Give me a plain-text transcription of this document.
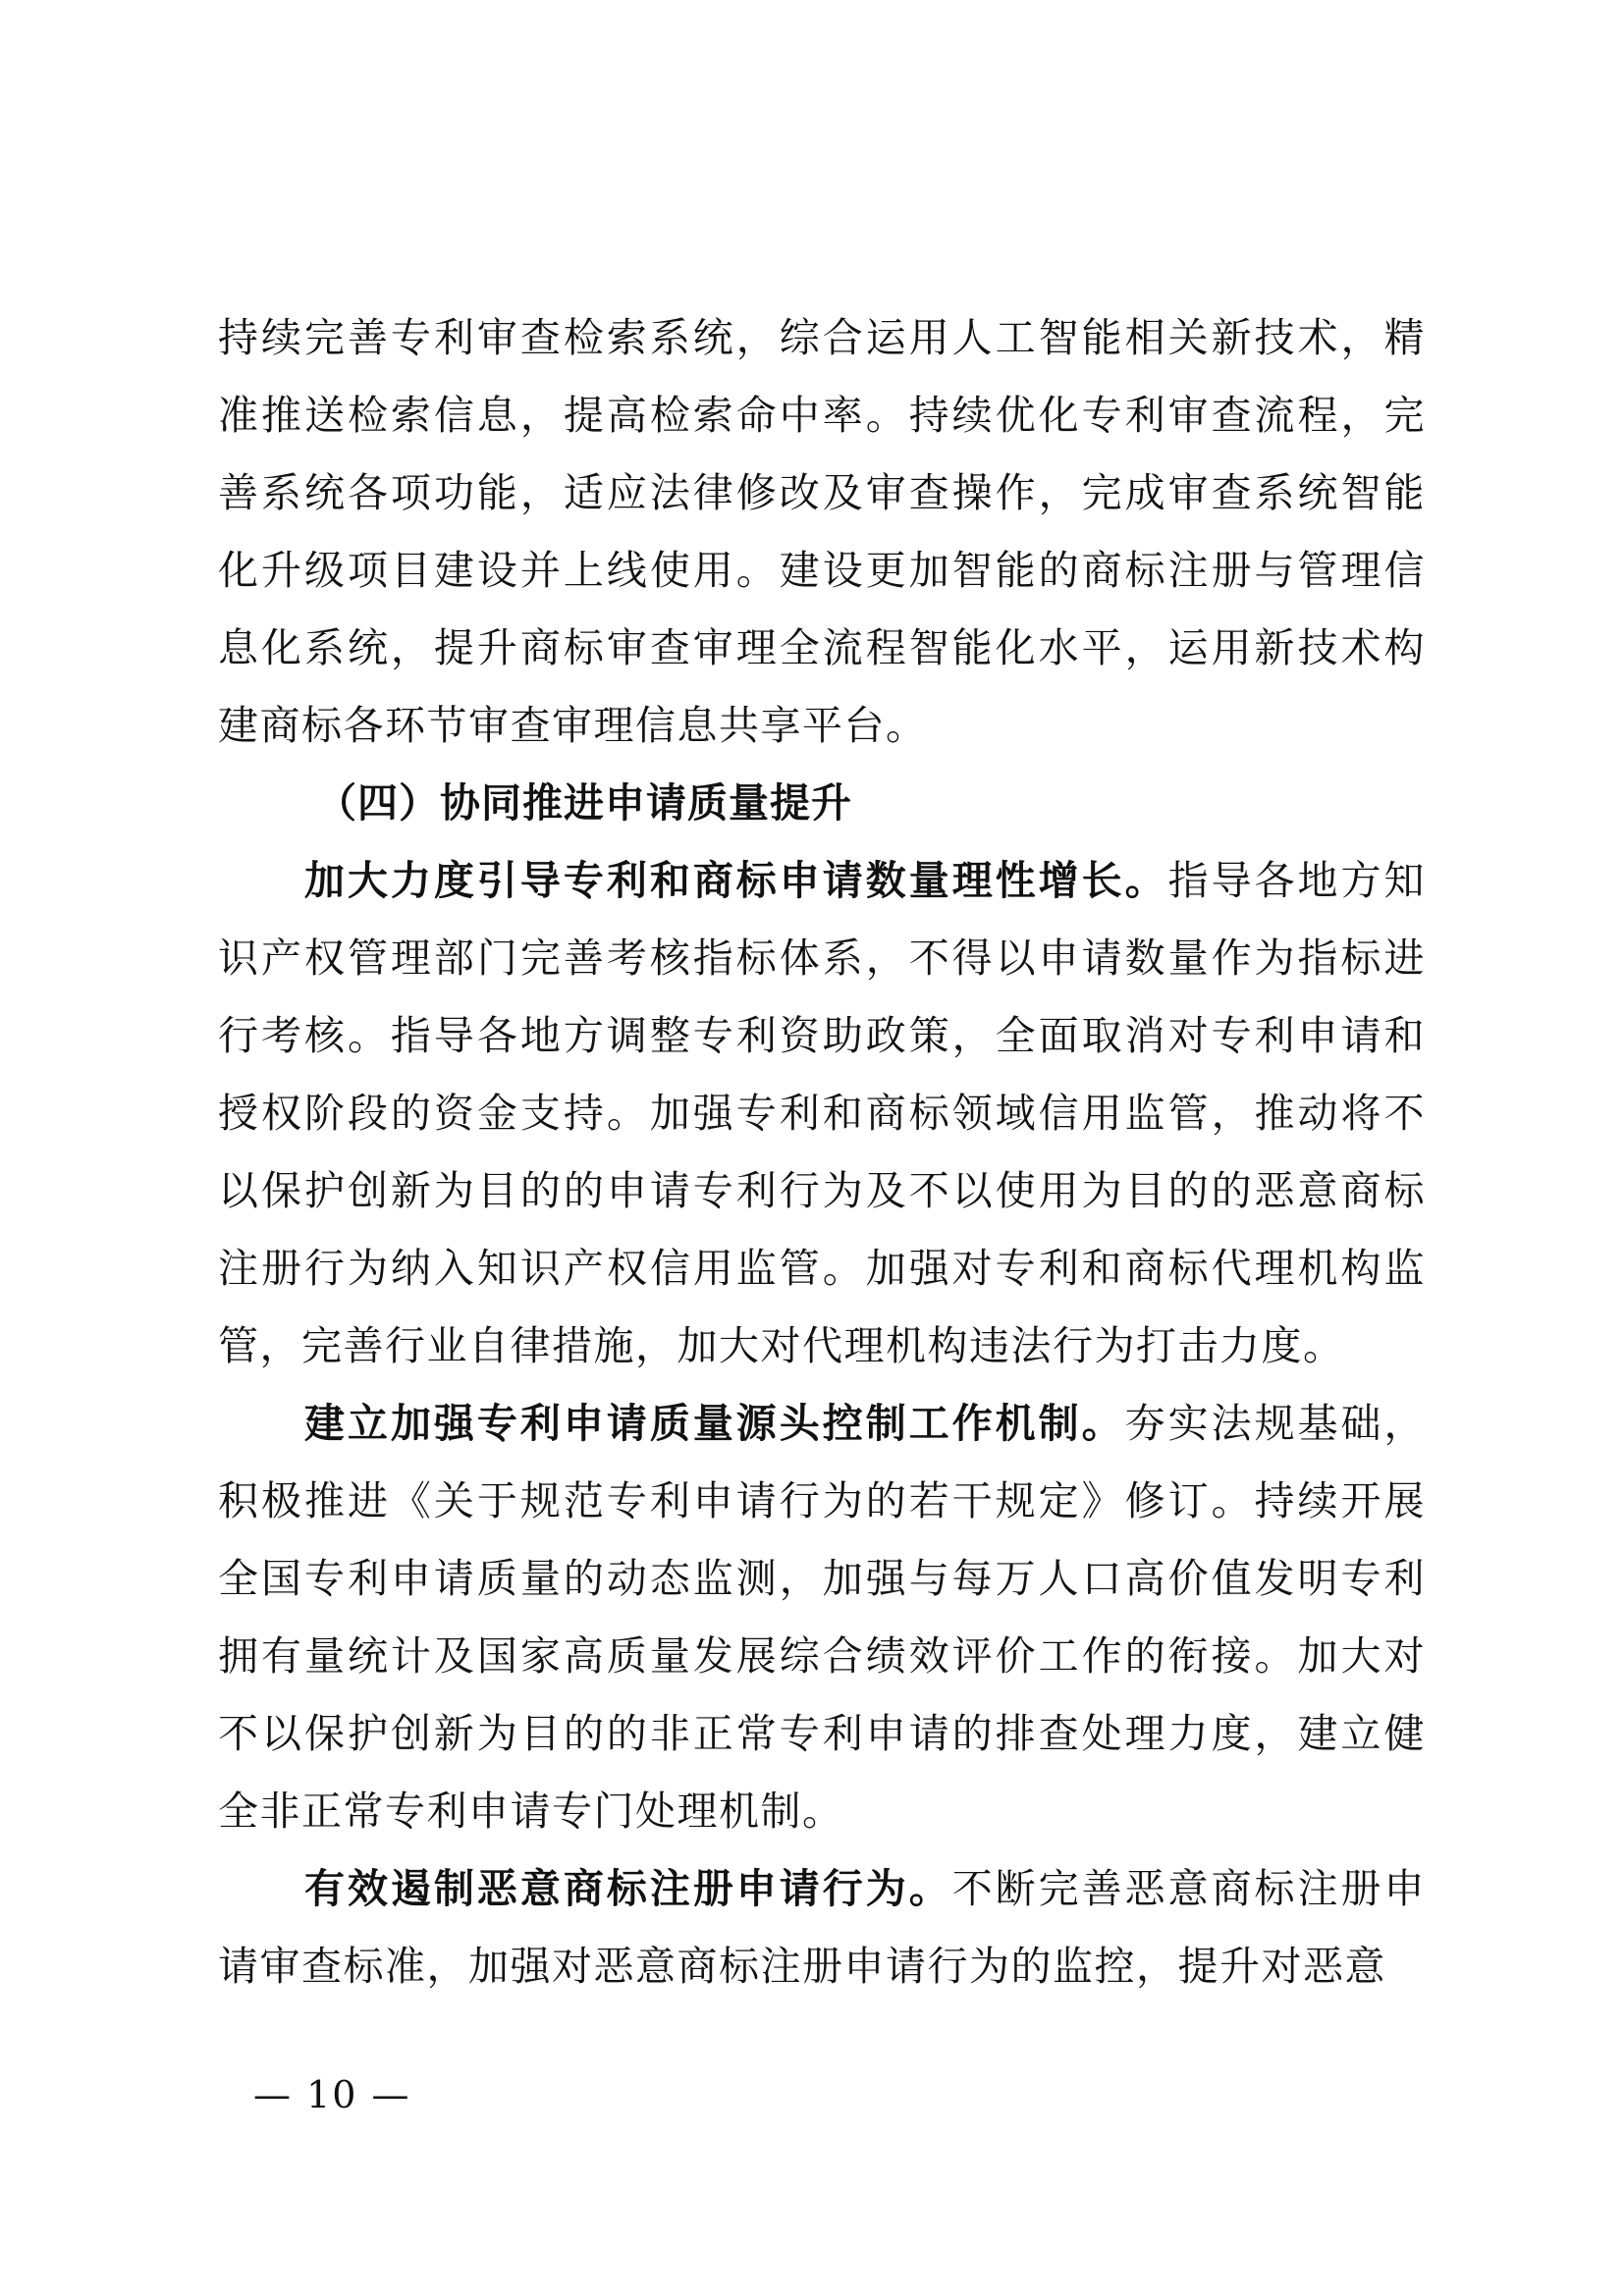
持续完善专利审查检索系统，综合运用人工智能相关新技术，精准推送检索信息，提高检索命中率。持续优化专利审查流程，完善系统各项功能，适应法律修改及审查操作，完成审查系统智能化升级项目建设并上线使用。建设更加智能的商标注册与管理信息化系统，提升商标审查审理全流程智能化水平，运用新技术构建商标各环节审查审理信息共享平台。

（四）协同推进申请质量提升

加大力度引导专利和商标申请数量理性增长。指导各地方知识产权管理部门完善考核指标体系，不得以申请数量作为指标进行考核。指导各地方调整专利资助政策，全面取消对专利申请和授权阶段的资金支持。加强专利和商标领域信用监管，推动将不以保护创新为目的的申请专利行为及不以使用为目的的恶意商标注册行为纳入知识产权信用监管。加强对专利和商标代理机构监管，完善行业自律措施，加大对代理机构违法行为打击力度。

建立加强专利申请质量源头控制工作机制。夯实法规基础，积极推进《关于规范专利申请行为的若干规定》修订。持续开展全国专利申请质量的动态监测，加强与每万人口高价值发明专利拥有量统计及国家高质量发展综合绩效评价工作的衔接。加大对不以保护创新为目的的非正常专利申请的排查处理力度，建立健全非正常专利申请专门处理机制。

有效遏制恶意商标注册申请行为。不断完善恶意商标注册申请审查标准，加强对恶意商标注册申请行为的监控，提升对恶意

— 10 —
